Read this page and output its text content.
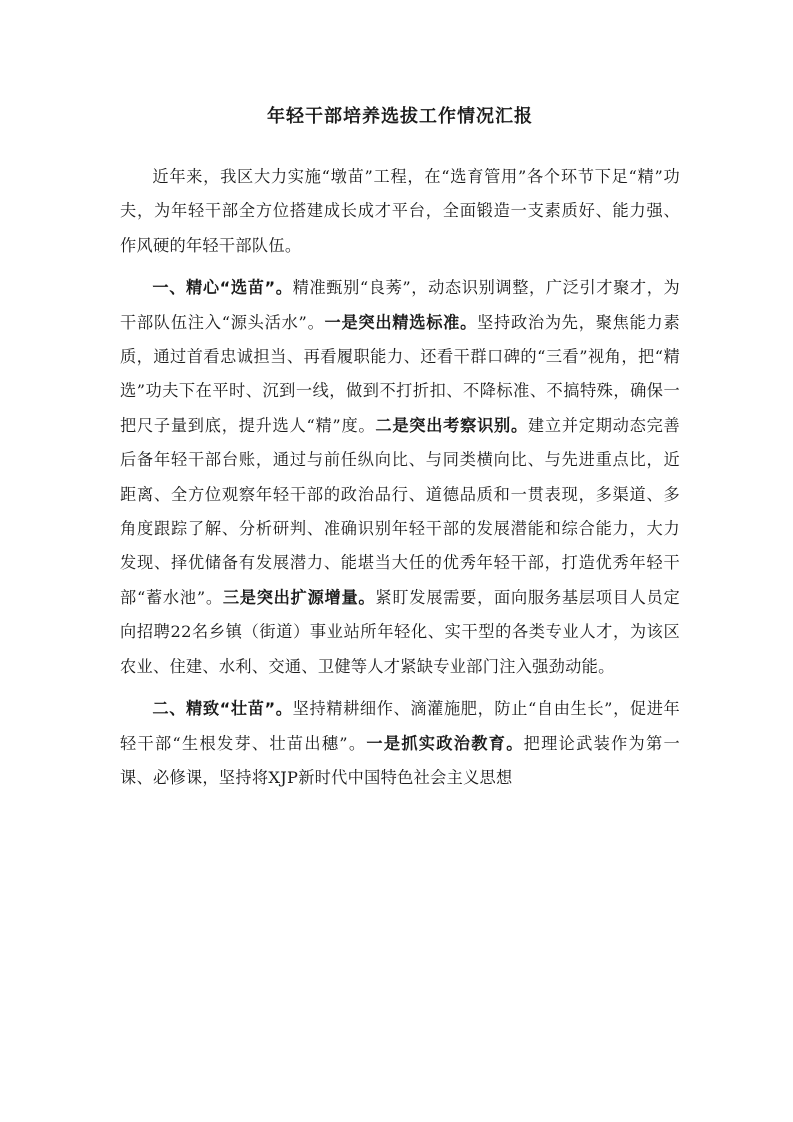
年轻干部培养选拔工作情况汇报

近年来，我区大力实施“墩苗”工程，在“选育管用”各个环节下足“精”功夫，为年轻干部全方位搭建成长成才平台，全面锻造一支素质好、能力强、作风硬的年轻干部队伍。

一、精心“选苗”。精准甄别“良莠”，动态识别调整，广泛引才聚才，为干部队伍注入“源头活水”。一是突出精选标准。坚持政治为先，聚焦能力素质，通过首看忠诚担当、再看履职能力、还看干群口碑的“三看”视角，把“精选”功夫下在平时、沉到一线，做到不打折扣、不降标准、不搞特殊，确保一把尺子量到底，提升选人“精”度。二是突出考察识别。建立并定期动态完善后备年轻干部台账，通过与前任纵向比、与同类横向比、与先进重点比，近距离、全方位观察年轻干部的政治品行、道德品质和一贯表现，多渠道、多角度跟踪了解、分析研判、准确识别年轻干部的发展潜能和综合能力，大力发现、择优储备有发展潜力、能堪当大任的优秀年轻干部，打造优秀年轻干部“蓄水池”。三是突出扩源增量。紧盯发展需要，面向服务基层项目人员定向招聘22名乡镇（街道）事业站所年轻化、实干型的各类专业人才，为该区农业、住建、水利、交通、卫健等人才紧缺专业部门注入强劲动能。

二、精致“壮苗”。坚持精耕细作、滴灌施肥，防止“自由生长”，促进年轻干部“生根发芽、壮苗出穗”。一是抓实政治教育。把理论武装作为第一课、必修课，坚持将XJP新时代中国特色社会主义思想
